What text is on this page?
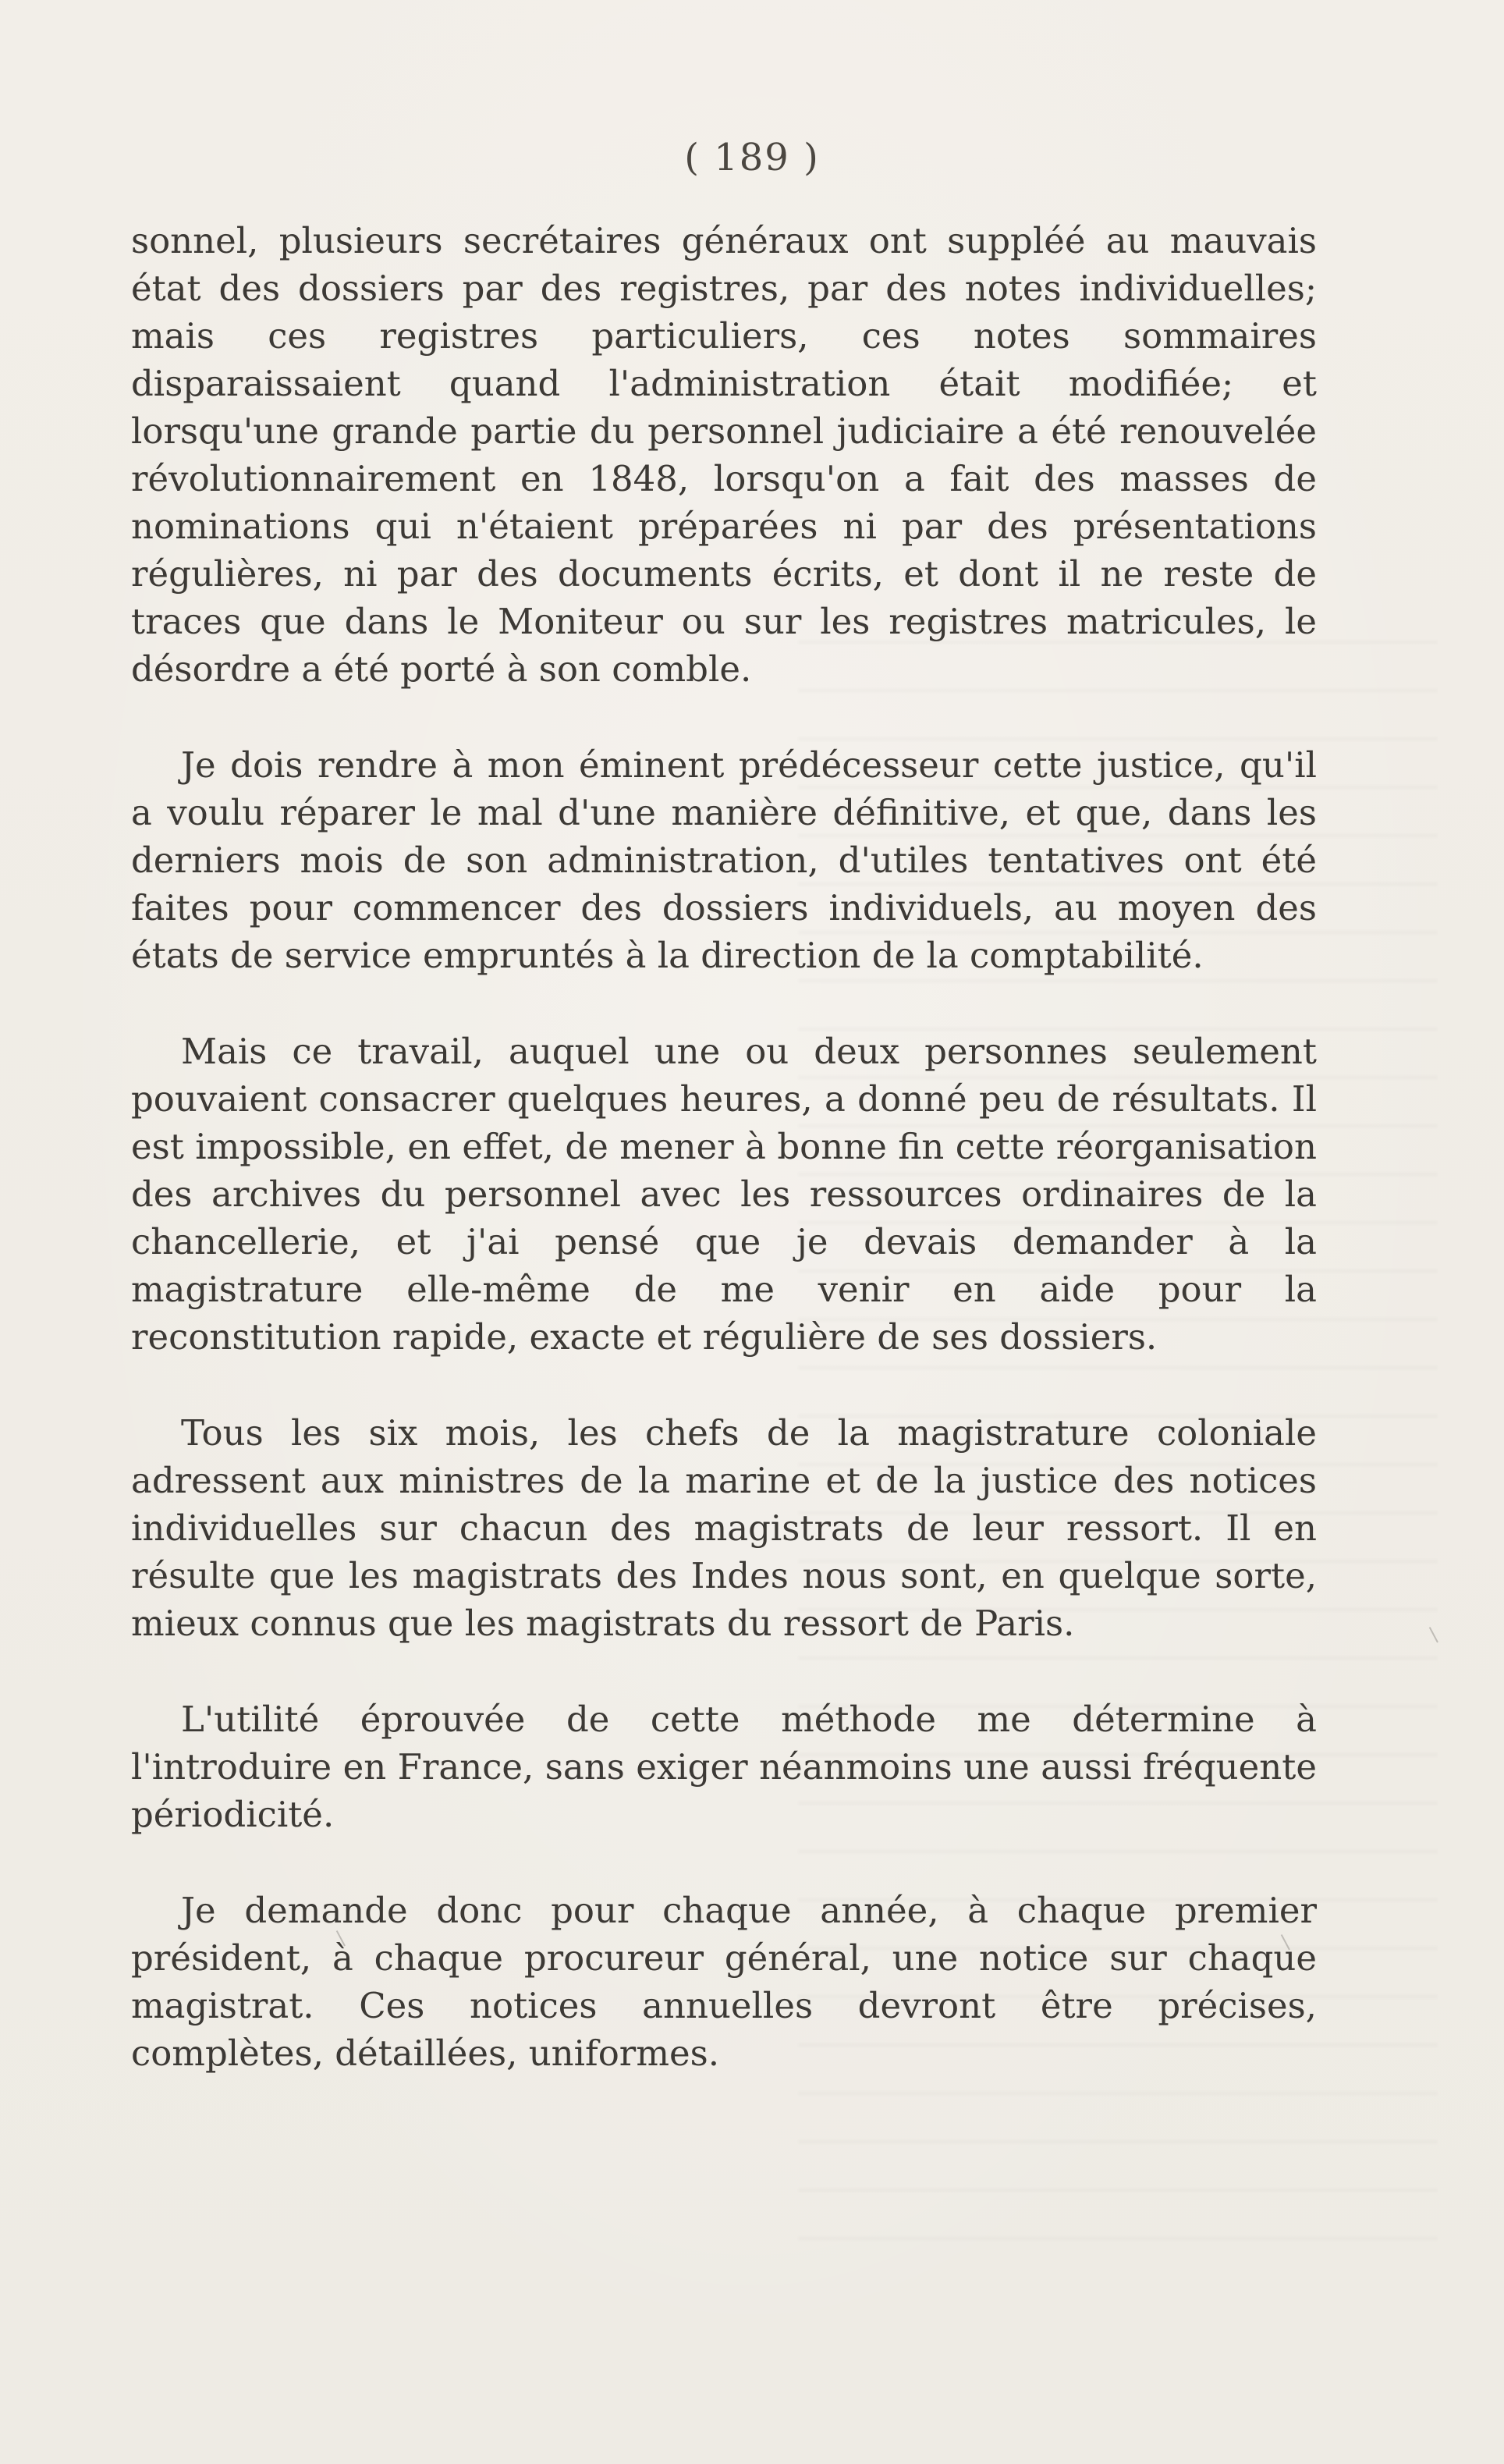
( 189 )

sonnel, plusieurs secrétaires généraux ont suppléé au mauvais état des dossiers par des registres, par des notes individuelles; mais ces registres particuliers, ces notes sommaires disparaissaient quand l'administration était modifiée; et lorsqu'une grande partie du personnel judiciaire a été renouvelée révolutionnairement en 1848, lorsqu'on a fait des masses de nominations qui n'étaient préparées ni par des présentations régulières, ni par des documents écrits, et dont il ne reste de traces que dans le Moniteur ou sur les registres matricules, le désordre a été porté à son comble.

Je dois rendre à mon éminent prédécesseur cette justice, qu'il a voulu réparer le mal d'une manière définitive, et que, dans les derniers mois de son administration, d'utiles tentatives ont été faites pour commencer des dossiers individuels, au moyen des états de service empruntés à la direction de la comptabilité.

Mais ce travail, auquel une ou deux personnes seulement pouvaient consacrer quelques heures, a donné peu de résultats. Il est impossible, en effet, de mener à bonne fin cette réorganisation des archives du personnel avec les ressources ordinaires de la chancellerie, et j'ai pensé que je devais demander à la magistrature elle-même de me venir en aide pour la reconstitution rapide, exacte et régulière de ses dossiers.

Tous les six mois, les chefs de la magistrature coloniale adressent aux ministres de la marine et de la justice des notices individuelles sur chacun des magistrats de leur ressort. Il en résulte que les magistrats des Indes nous sont, en quelque sorte, mieux connus que les magistrats du ressort de Paris.

L'utilité éprouvée de cette méthode me détermine à l'introduire en France, sans exiger néanmoins une aussi fréquente périodicité.

Je demande donc pour chaque année, à chaque premier président, à chaque procureur général, une notice sur chaque magistrat. Ces notices annuelles devront être précises, complètes, détaillées, uniformes.
